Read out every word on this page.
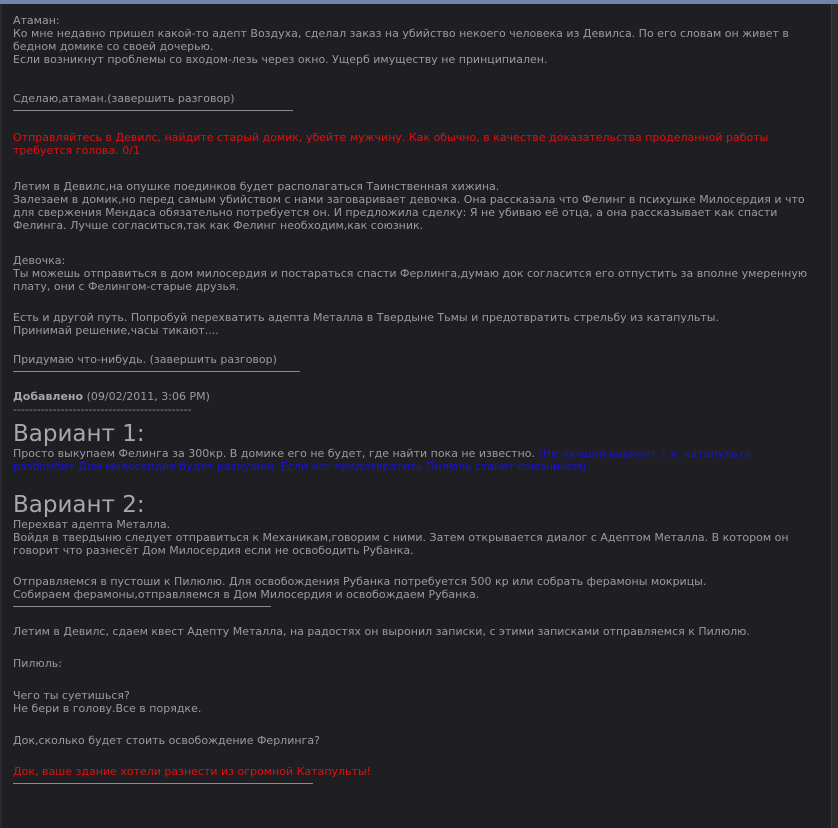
Атаман:

Ко мне недавно пришел какой-то адепт Воздуха, сделал заказ на убийство некоего человека из Девилса. По его словам он живет в бедном домике со своей дочерью.

Если возникнут проблемы со входом-лезь через окно. Ущерб имуществу не принципиален.

Сделаю,атаман.(завершить разговор)

Отправляйтесь в Девилс, найдите старый домик, убейте мужчину. Как обычно, в качестве доказательства проделанной работы требуется голова. 0/1

Летим в Девилс,на опушке поединков будет располагаться Таинственная хижина.

Залезаем в домик,но перед самым убийством с нами заговаривает девочка. Она рассказала что Фелинг в психушке Милосердия и что для свержения Мендаса обязательно потребуется он. И предложила сделку: Я не убиваю её отца, а она рассказывает как спасти Фелинга. Лучше согласиться,так как Фелинг необходим,как союзник.

Девочка:

Ты можешь отправиться в дом милосердия и постараться спасти Ферлинга,думаю док согласится его отпустить за вполне умеренную плату, они с Фелингом-старые друзья.

Есть и другой путь. Попробуй перехватить адепта Металла в Твердыне Тьмы и предотвратить стрельбу из катапульты.

Принимай решение,часы тикают....

Придумаю что-нибудь. (завершить разговор)

Добавлено (09/02/2011, 3:06 PM)

---------------------------------------------

Вариант 1:

Просто выкупаем Фелинга за 300кр. В домике его не будет, где найти пока не известно. (Не лучший вариант,т.к. катапульта разбомбит Дом милосердия будет разрушен. Если его предотвратить Пилюль станет союзником)

Вариант 2:

Перехват адепта Металла.

Войдя в твердыню следует отправиться к Механикам,говорим с ними. Затем открывается диалог с Адептом Металла. В котором он говорит что разнесёт Дом Милосердия если не освободить Рубанка.

Отправляемся в пустоши к Пилюлю. Для освобождения Рубанка потребуется 500 кр или собрать ферамоны мокрицы.

Собираем ферамоны,отправляемся в Дом Милосердия и освобождаем Рубанка.

Летим в Девилс, сдаем квест Адепту Металла, на радостях он выронил записки, с этими записками отправляемся к Пилюлю.

Пилюль:

Чего ты суетишься?

Не бери в голову.Все в порядке.

Док,сколько будет стоить освобождение Ферлинга?

Док, ваше здание хотели разнести из огромной Катапульты!
